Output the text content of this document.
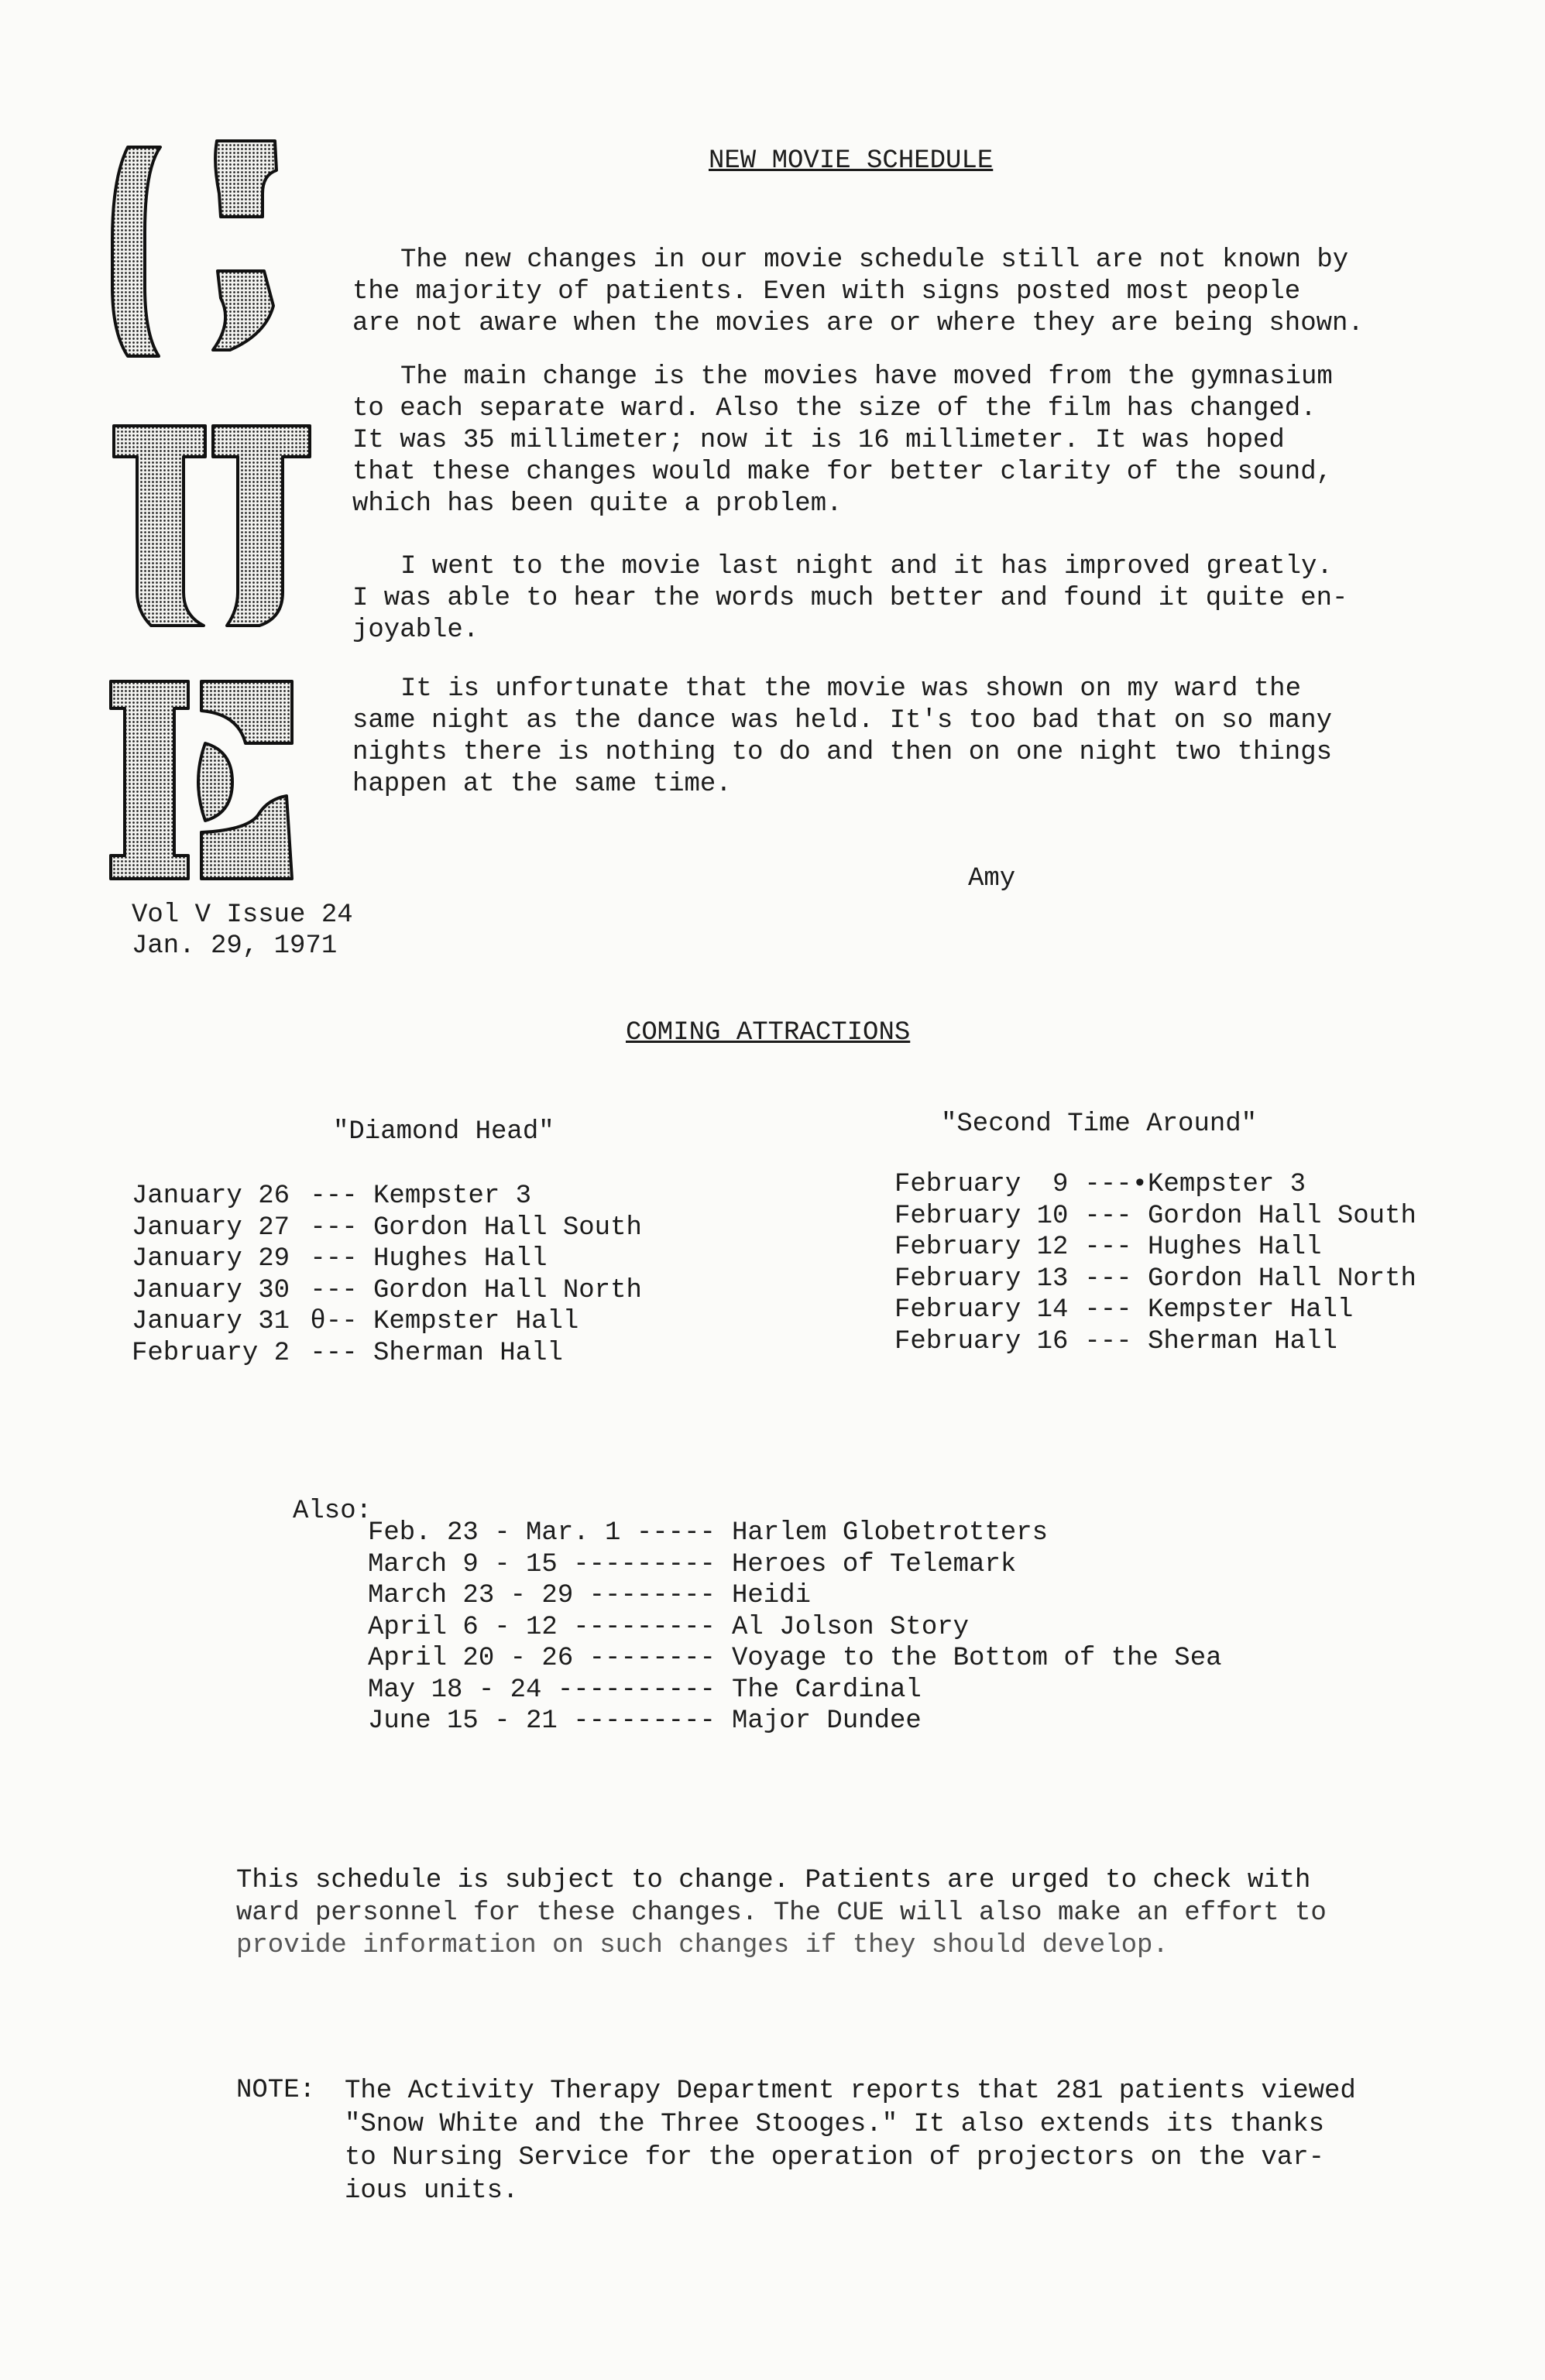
Vol V Issue 24
Jan. 29, 1971
NEW MOVIE SCHEDULE
The new changes in our movie schedule still are not known by
the majority of patients. Even with signs posted most people
are not aware when the movies are or where they are being shown.
The main change is the movies have moved from the gymnasium
to each separate ward. Also the size of the film has changed.
It was 35 millimeter; now it is 16 millimeter. It was hoped
that these changes would make for better clarity of the sound,
which has been quite a problem.
I went to the movie last night and it has improved greatly.
I was able to hear the words much better and found it quite en-
joyable.
It is unfortunate that the movie was shown on my ward the
same night as the dance was held. It's too bad that on so many
nights there is nothing to do and then on one night two things
happen at the same time.
Amy
COMING ATTRACTIONS
"Diamond Head"
January 26 --- Kempster 3
January 27 --- Gordon Hall South
January 29 --- Hughes Hall
January 30 --- Gordon Hall North
January 31 θ-- Kempster Hall
February 2 --- Sherman Hall
"Second Time Around"
February  9 ---• Kempster 3
February 10 --- Gordon Hall South
February 12 --- Hughes Hall
February 13 --- Gordon Hall North
February 14 --- Kempster Hall
February 16 --- Sherman Hall
Also:
Feb. 23 - Mar. 1 ----- Harlem Globetrotters
March 9 - 15 --------- Heroes of Telemark
March 23 - 29 -------- Heidi
April 6 - 12 --------- Al Jolson Story
April 20 - 26 -------- Voyage to the Bottom of the Sea
May 18 - 24 ---------- The Cardinal
June 15 - 21 --------- Major Dundee
This schedule is subject to change. Patients are urged to check with
ward personnel for these changes. The CUE will also make an effort to
provide information on such changes if they should develop.
NOTE: The Activity Therapy Department reports that 281 patients viewed
"Snow White and the Three Stooges." It also extends its thanks
to Nursing Service for the operation of projectors on the var-
ious units.
